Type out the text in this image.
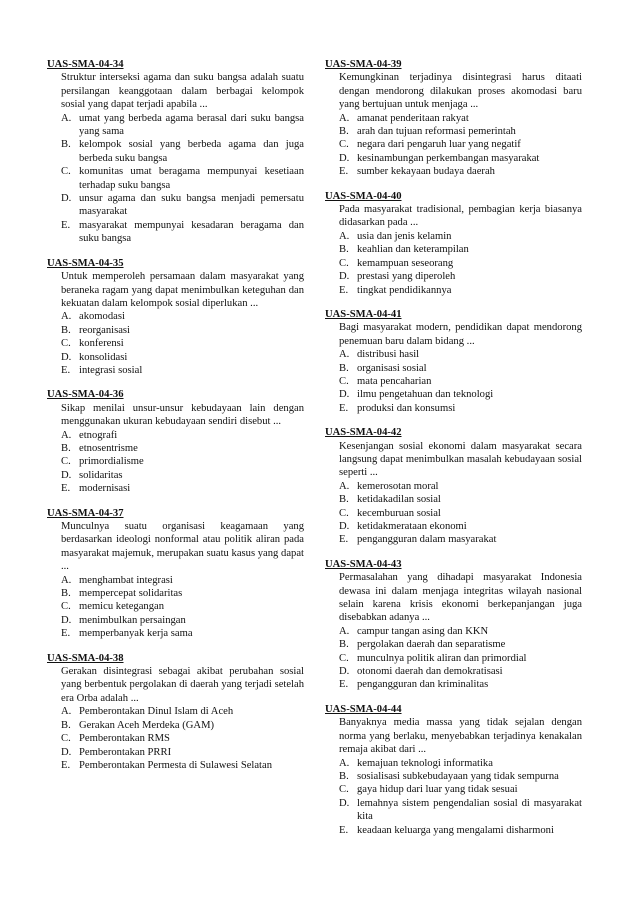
UAS-SMA-04-34
Struktur interseksi agama dan suku bangsa adalah suatu persilangan keanggotaan dalam berbagai kelompok sosial yang dapat terjadi apabila ...
A. umat yang berbeda agama berasal dari suku bangsa yang sama
B. kelompok sosial yang berbeda agama dan juga berbeda suku bangsa
C. komunitas umat beragama mempunyai kesetiaan terhadap suku bangsa
D. unsur agama dan suku bangsa menjadi pemersatu masyarakat
E. masyarakat mempunyai kesadaran beragama dan suku bangsa
UAS-SMA-04-35
Untuk memperoleh persamaan dalam masyarakat yang beraneka ragam yang dapat menimbulkan keteguhan dan kekuatan dalam kelompok sosial diperlukan ...
A. akomodasi
B. reorganisasi
C. konferensi
D. konsolidasi
E. integrasi sosial
UAS-SMA-04-36
Sikap menilai unsur-unsur kebudayaan lain dengan menggunakan ukuran kebudayaan sendiri disebut ...
A. etnografi
B. etnosentrisme
C. primordialisme
D. solidaritas
E. modernisasi
UAS-SMA-04-37
Munculnya suatu organisasi keagamaan yang berdasarkan ideologi nonformal atau politik aliran pada masyarakat majemuk, merupakan suatu kasus yang dapat ...
A. menghambat integrasi
B. mempercepat solidaritas
C. memicu ketegangan
D. menimbulkan persaingan
E. memperbanyak kerja sama
UAS-SMA-04-38
Gerakan disintegrasi sebagai akibat perubahan sosial yang berbentuk pergolakan di daerah yang terjadi setelah era Orba adalah ...
A. Pemberontakan Dinul Islam di Aceh
B. Gerakan Aceh Merdeka (GAM)
C. Pemberontakan RMS
D. Pemberontakan PRRI
E. Pemberontakan Permesta di Sulawesi Selatan
UAS-SMA-04-39
Kemungkinan terjadinya disintegrasi harus ditaati dengan mendorong dilakukan proses akomodasi baru yang bertujuan untuk menjaga ...
A. amanat penderitaan rakyat
B. arah dan tujuan reformasi pemerintah
C. negara dari pengaruh luar yang negatif
D. kesinambungan perkembangan masyarakat
E. sumber kekayaan budaya daerah
UAS-SMA-04-40
Pada masyarakat tradisional, pembagian kerja biasanya didasarkan pada ...
A. usia dan jenis kelamin
B. keahlian dan keterampilan
C. kemampuan seseorang
D. prestasi yang diperoleh
E. tingkat pendidikannya
UAS-SMA-04-41
Bagi masyarakat modern, pendidikan dapat mendorong penemuan baru dalam bidang ...
A. distribusi hasil
B. organisasi sosial
C. mata pencaharian
D. ilmu pengetahuan dan teknologi
E. produksi dan konsumsi
UAS-SMA-04-42
Kesenjangan sosial ekonomi dalam masyarakat secara langsung dapat menimbulkan masalah kebudayaan sosial seperti ...
A. kemerosotan moral
B. ketidakadilan sosial
C. kecemburuan sosial
D. ketidakmerataan ekonomi
E. pengangguran dalam masyarakat
UAS-SMA-04-43
Permasalahan yang dihadapi masyarakat Indonesia dewasa ini dalam menjaga integritas wilayah nasional selain karena krisis ekonomi berkepanjangan juga disebabkan adanya ...
A. campur tangan asing dan KKN
B. pergolakan daerah dan separatisme
C. munculnya politik aliran dan primordial
D. otonomi daerah dan demokratisasi
E. pengangguran dan kriminalitas
UAS-SMA-04-44
Banyaknya media massa yang tidak sejalan dengan norma yang berlaku, menyebabkan terjadinya kenakalan remaja akibat dari ...
A. kemajuan teknologi informatika
B. sosialisasi subkebudayaan yang tidak sempurna
C. gaya hidup dari luar yang tidak sesuai
D. lemahnya sistem pengendalian sosial di masyarakat kita
E. keadaan keluarga yang mengalami disharmoni
